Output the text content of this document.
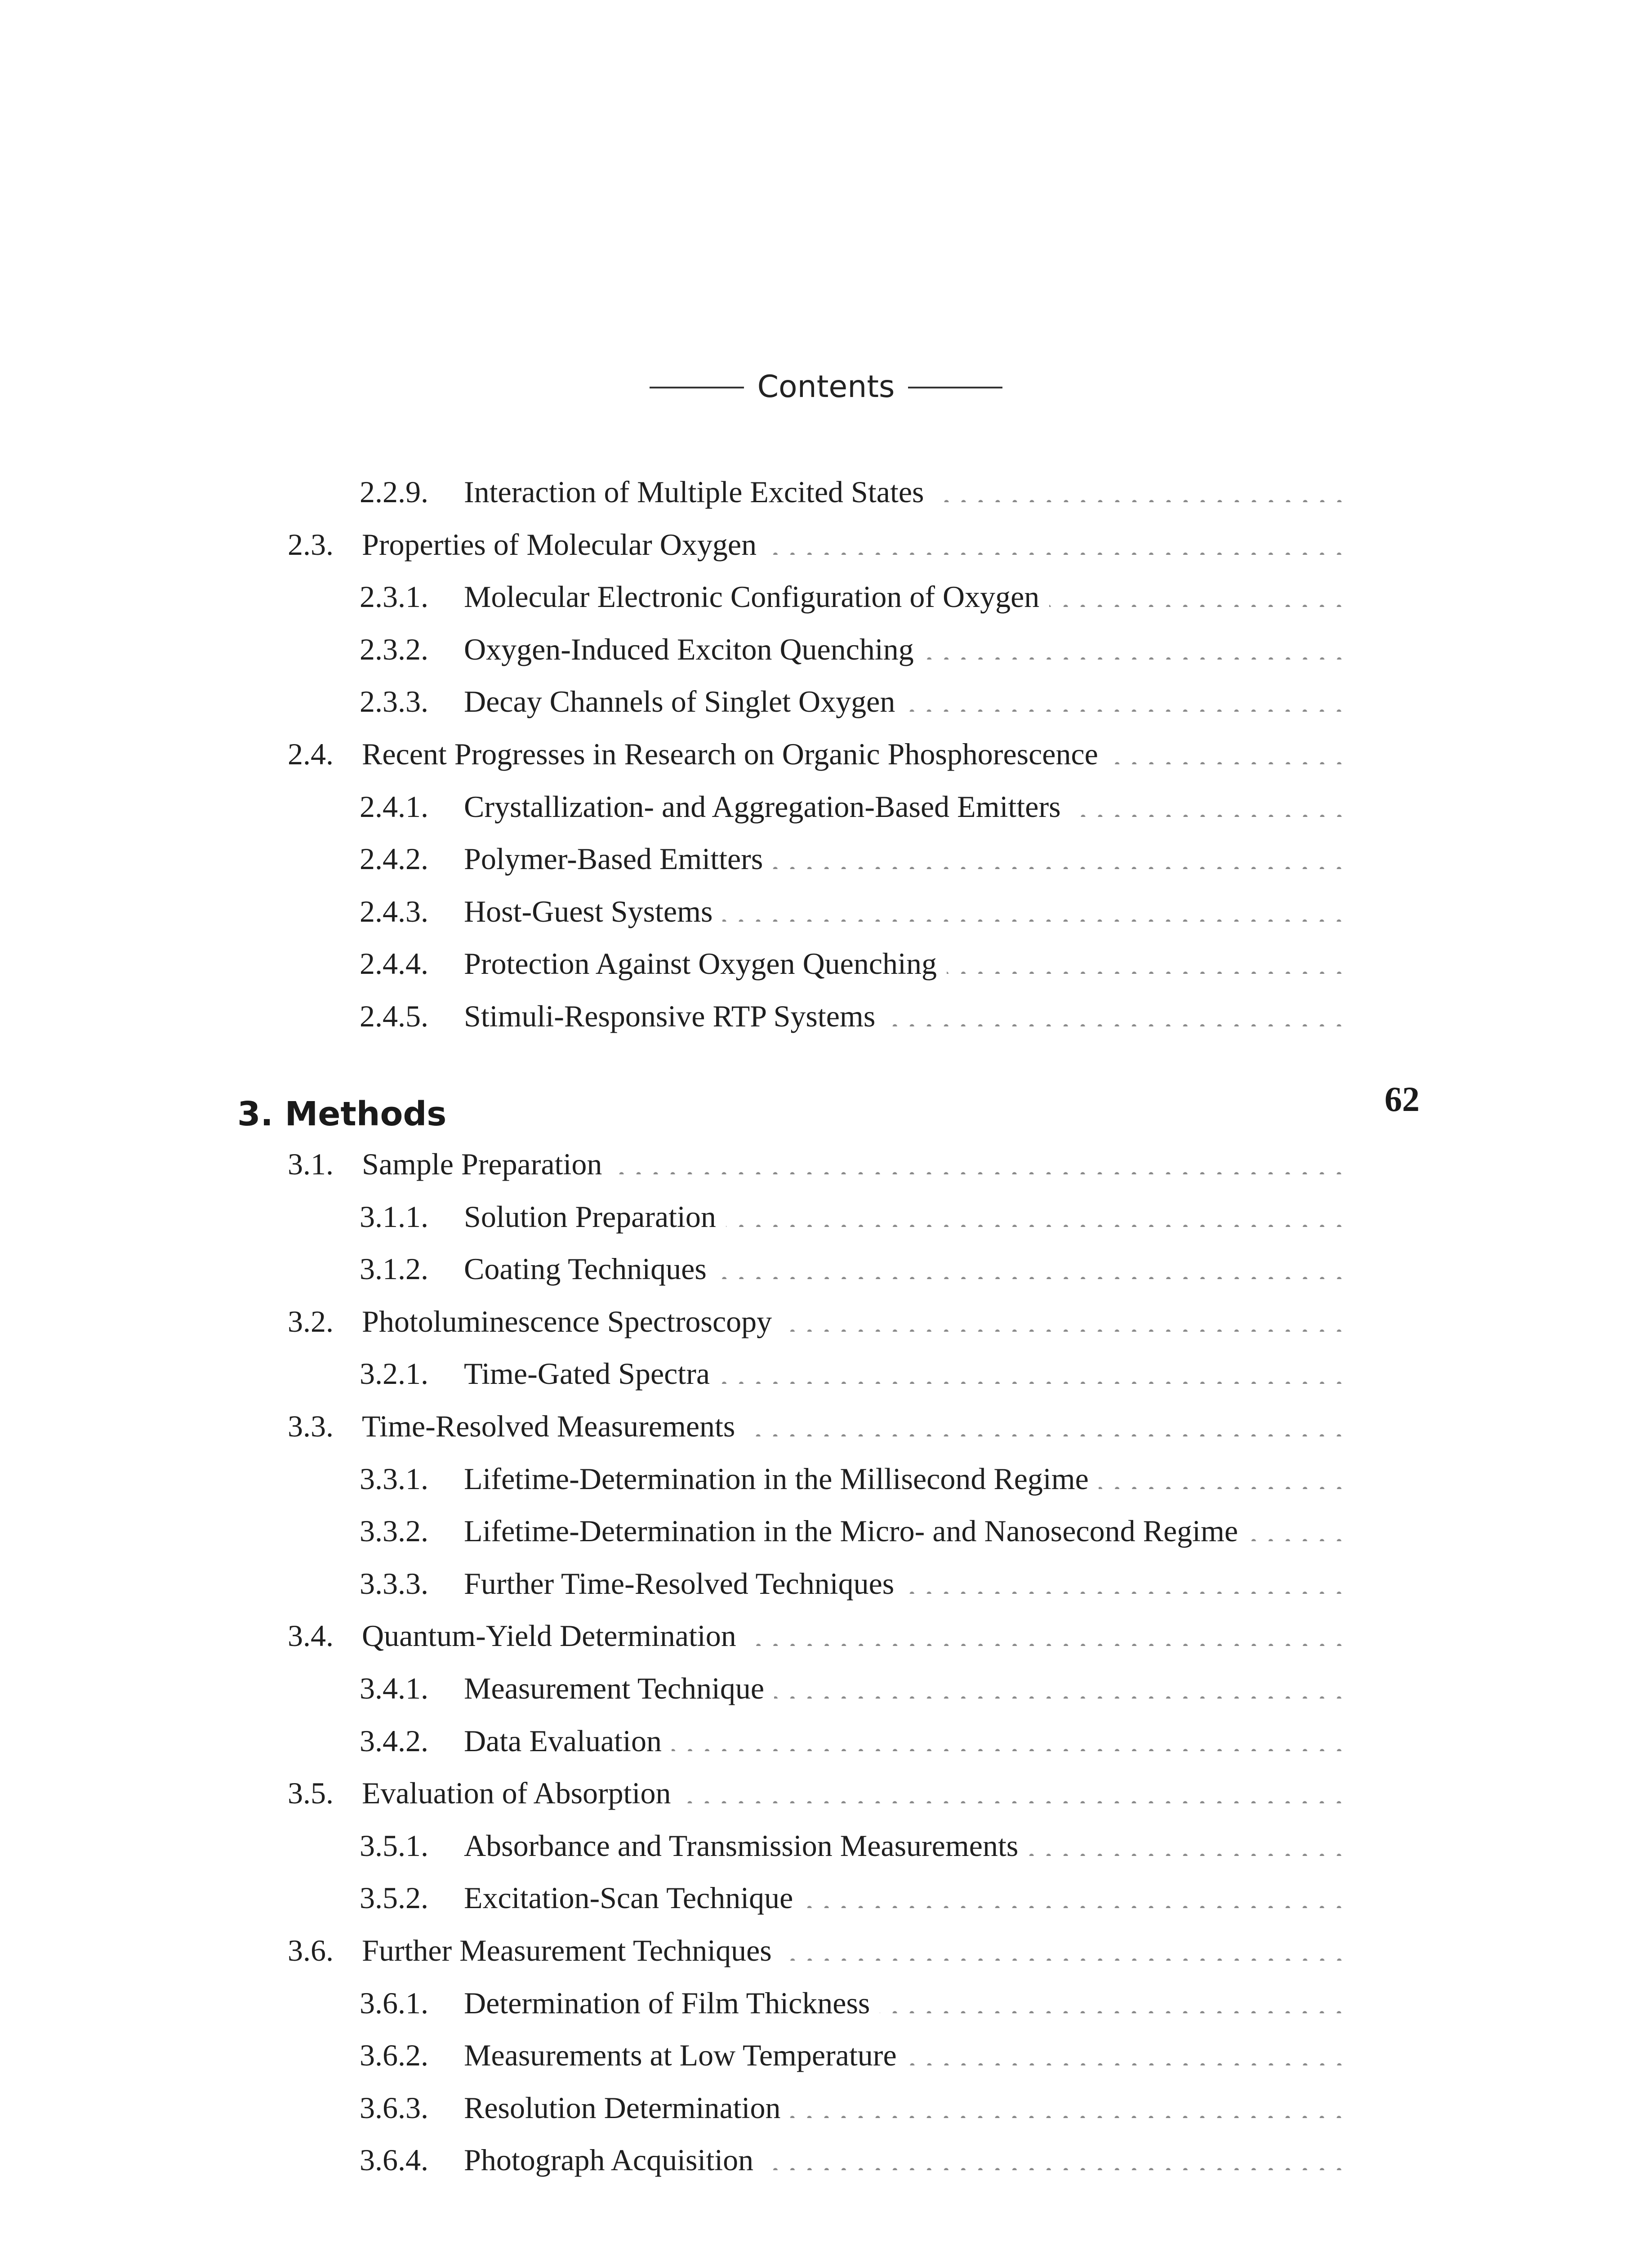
Contents
3. Methods	62
2.2.9.	Interaction of Multiple Excited States
2.3. Properties of Molecular Oxygen
2.3.1.	Molecular Electronic Configuration of Oxygen
2.3.2.	Oxygen-Induced Exciton Quenching
2.3.3.	Decay Channels of Singlet Oxygen
2.4. Recent Progresses in Research on Organic Phosphorescence
2.4.1.	Crystallization- and Aggregation-Based Emitters
2.4.2.	Polymer-Based Emitters
2.4.3.	Host-Guest Systems
2.4.4.	Protection Against Oxygen Quenching
2.4.5.	Stimuli-Responsive RTP Systems
3.1. Sample Preparation
3.1.1.	Solution Preparation
3.1.2.	Coating Techniques
3.2. Photoluminescence Spectroscopy
3.2.1.	Time-Gated Spectra
3.3. Time-Resolved Measurements
3.3.1.	Lifetime-Determination in the Millisecond Regime
3.3.2.	Lifetime-Determination in the Micro- and Nanosecond Regime
3.3.3.	Further Time-Resolved Techniques
3.4. Quantum-Yield Determination
3.4.1.	Measurement Technique
3.4.2.	Data Evaluation
3.5. Evaluation of Absorption
3.5.1.	Absorbance and Transmission Measurements
3.5.2.	Excitation-Scan Technique
3.6. Further Measurement Techniques
3.6.1.	Determination of Film Thickness
3.6.2.	Measurements at Low Temperature
3.6.3.	Resolution Determination
3.6.4.	Photograph Acquisition
